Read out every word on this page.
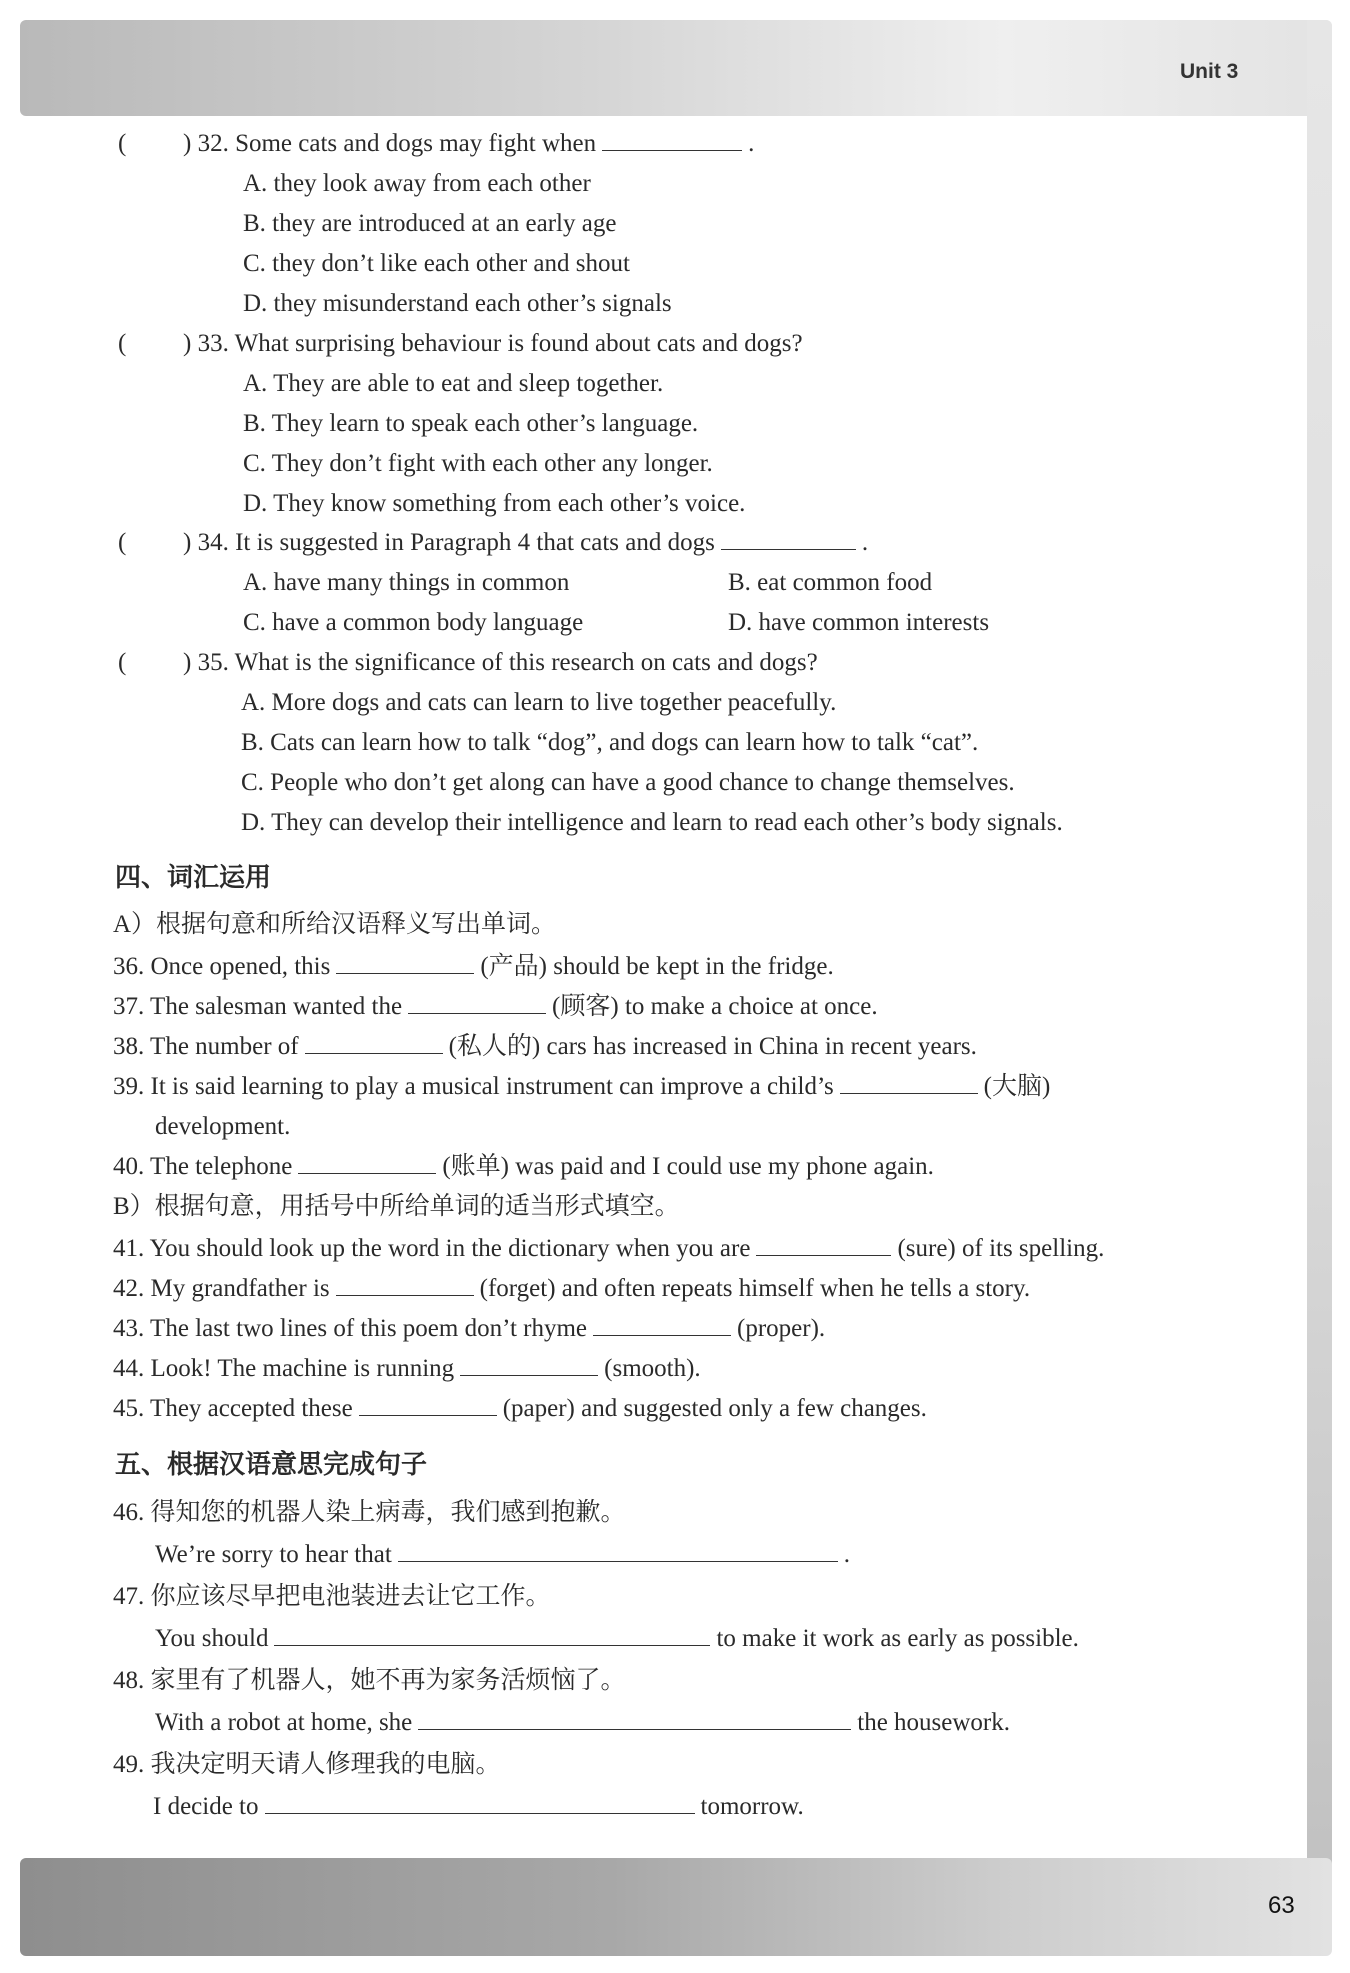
Unit 3
63
( ) 32. Some cats and dogs may fight when	.
A. they look away from each other
B. they are introduced at an early age
C. they don’t like each other and shout
D. they misunderstand each other’s signals
( ) 33. What surprising behaviour is found about cats and dogs?
A. They are able to eat and sleep together.
B. They learn to speak each other’s language.
C. They don’t fight with each other any longer.
D. They know something from each other’s voice.
( ) 34. It is suggested in Paragraph 4 that cats and dogs	.
A. have many things in common	B. eat common food
C. have a common body language	D. have common interests
( ) 35. What is the significance of this research on cats and dogs?
A. More dogs and cats can learn to live together peacefully.
B. Cats can learn how to talk “dog”, and dogs can learn how to talk “cat”.
C. People who don’t get along can have a good chance to change themselves.
D. They can develop their intelligence and learn to read each other’s body signals.
四、词汇运用
A）根据句意和所给汉语释义写出单词。
36. Once opened, this	(产品) should be kept in the fridge.
37. The salesman wanted the	(顾客) to make a choice at once.
38. The number of	(私人的) cars has increased in China in recent years.
39. It is said learning to play a musical instrument can improve a child’s	(大脑)
development.
40. The telephone	(账单) was paid and I could use my phone again.
B）根据句意，用括号中所给单词的适当形式填空。
41. You should look up the word in the dictionary when you are	(sure) of its spelling.
42. My grandfather is	(forget) and often repeats himself when he tells a story.
43. The last two lines of this poem don’t rhyme	(proper).
44. Look! The machine is running	(smooth).
45. They accepted these	(paper) and suggested only a few changes.
五、根据汉语意思完成句子
46. 得知您的机器人染上病毒，我们感到抱歉。
We’re sorry to hear that	.
47. 你应该尽早把电池装进去让它工作。
You should	to make it work as early as possible.
48. 家里有了机器人，她不再为家务活烦恼了。
With a robot at home, she	the housework.
49. 我决定明天请人修理我的电脑。
I decide to	tomorrow.
